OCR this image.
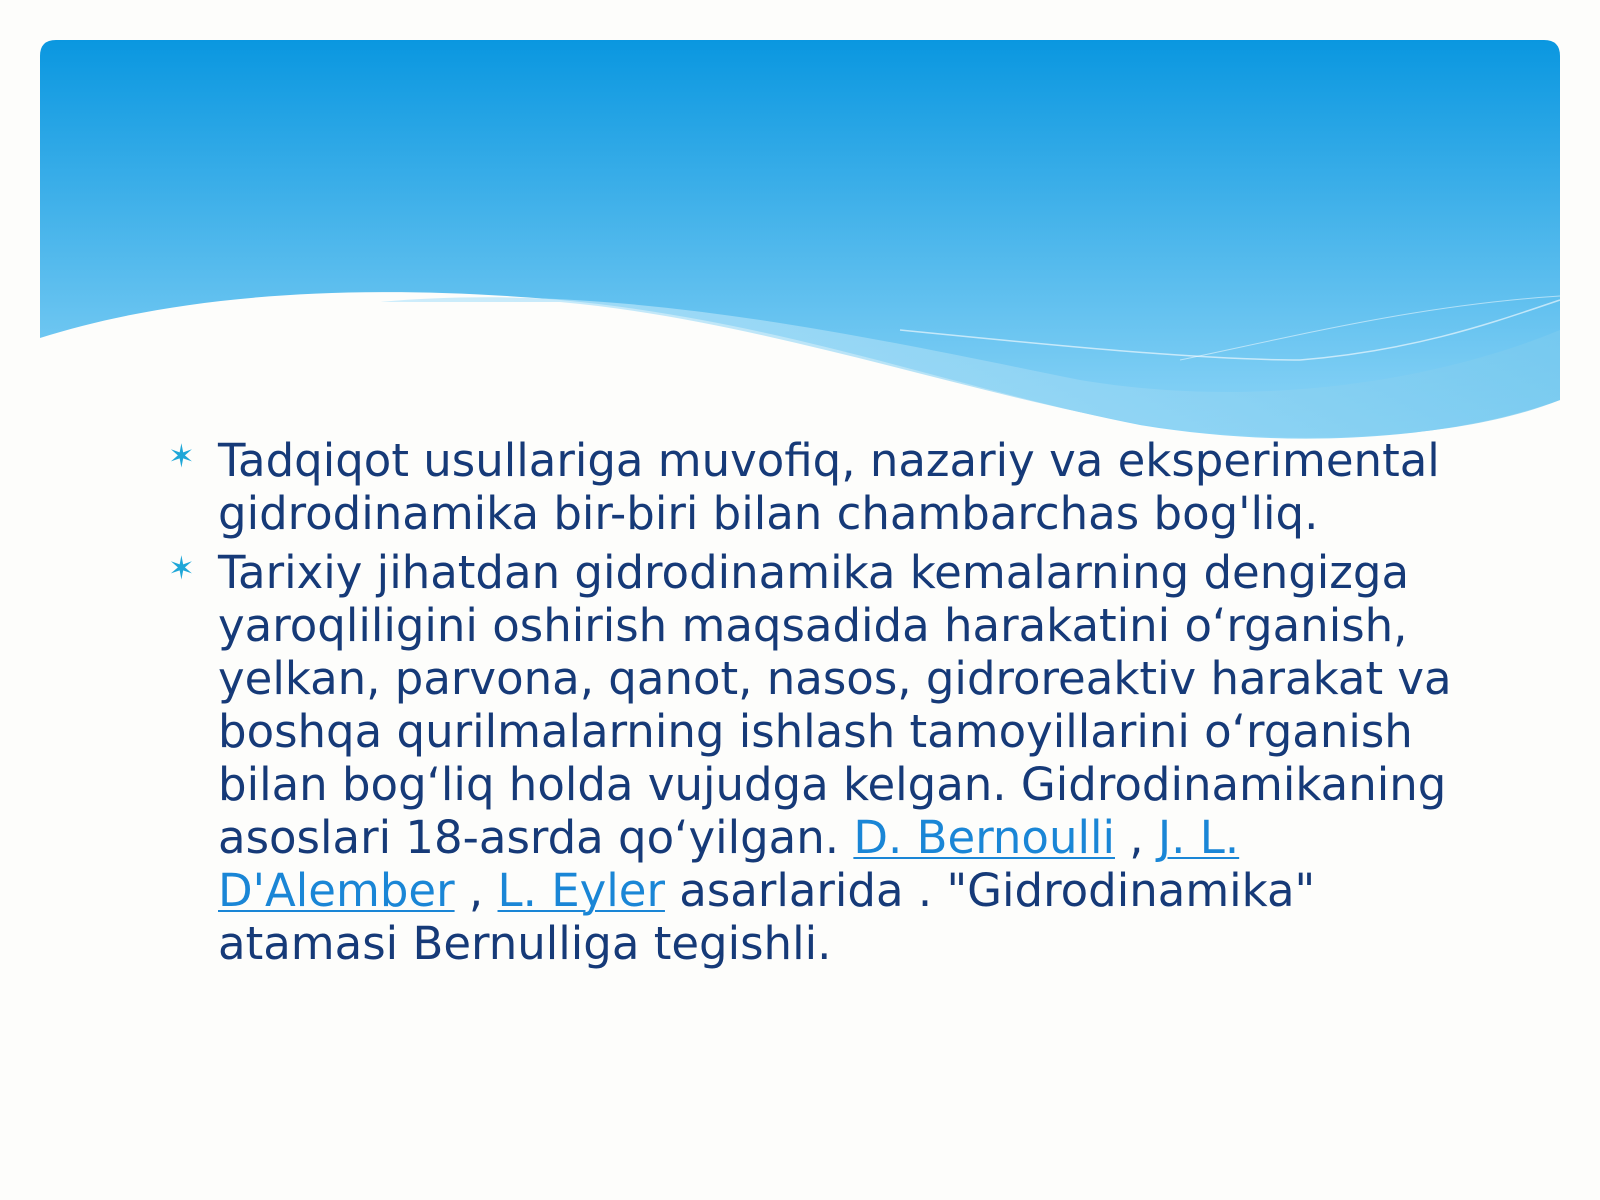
✶ Tadqiqot usullariga muvofiq, nazariy va eksperimental gidrodinamika bir-biri bilan chambarchas bog'liq.
✶ Tarixiy jihatdan gidrodinamika kemalarning dengizga yaroqliligini oshirish maqsadida harakatini o‘rganish, yelkan, parvona, qanot, nasos, gidroreaktiv harakat va boshqa qurilmalarning ishlash tamoyillarini o‘rganish bilan bog‘liq holda vujudga kelgan. Gidrodinamikaning asoslari 18-asrda qo‘yilgan. D. Bernoulli , J. L. D'Alember , L. Eyler asarlarida . "Gidrodinamika" atamasi Bernulliga tegishli.
